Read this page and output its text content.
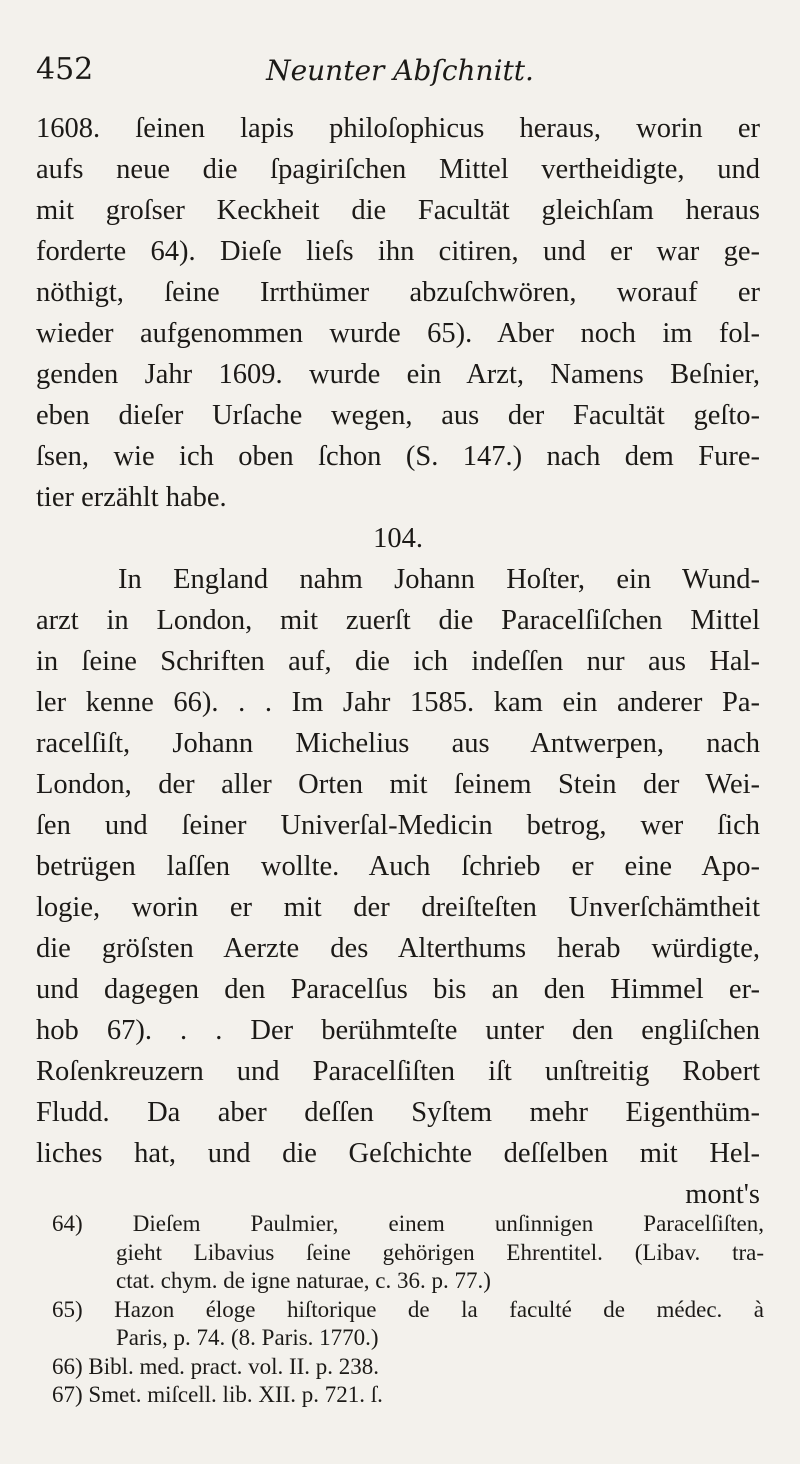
452	Neunter Abſchnitt.
1608. ſeinen lapis philoſophicus heraus, worin er
aufs neue die ſpagiriſchen Mittel vertheidigte, und
mit groſser Keckheit die Facultät gleichſam heraus
forderte 64). Dieſe lieſs ihn citiren, und er war ge-
nöthigt, ſeine Irrthümer abzuſchwören, worauf er
wieder aufgenommen wurde 65). Aber noch im fol-
genden Jahr 1609. wurde ein Arzt, Namens Beſnier,
eben dieſer Urſache wegen, aus der Facultät geſto-
ſsen, wie ich oben ſchon (S. 147.) nach dem Fure-
tier erzählt habe.
104.
In England nahm Johann Hoſter, ein Wund-
arzt in London, mit zuerſt die Paracelſiſchen Mittel
in ſeine Schriften auf, die ich indeſſen nur aus Hal-
ler kenne 66). . . Im Jahr 1585. kam ein anderer Pa-
racelſiſt, Johann Michelius aus Antwerpen, nach
London, der aller Orten mit ſeinem Stein der Wei-
ſen und ſeiner Univerſal-Medicin betrog, wer ſich
betrügen laſſen wollte. Auch ſchrieb er eine Apo-
logie, worin er mit der dreiſteſten Unverſchämtheit
die gröſsten Aerzte des Alterthums herab würdigte,
und dagegen den Paracelſus bis an den Himmel er-
hob 67). . . Der berühmteſte unter den engliſchen
Roſenkreuzern und Paracelſiſten iſt unſtreitig Robert
Fludd. Da aber deſſen Syſtem mehr Eigenthüm-
liches hat, und die Geſchichte deſſelben mit Hel-
mont's
64) Dieſem Paulmier, einem unſinnigen Paracelſiſten,
gieht Libavius ſeine gehörigen Ehrentitel. (Libav. tra-
ctat. chym. de igne naturae, c. 36. p. 77.)
65) Hazon éloge hiſtorique de la faculté de médec. à
Paris, p. 74. (8. Paris. 1770.)
66) Bibl. med. pract. vol. II. p. 238.
67) Smet. miſcell. lib. XII. p. 721. ſ.
